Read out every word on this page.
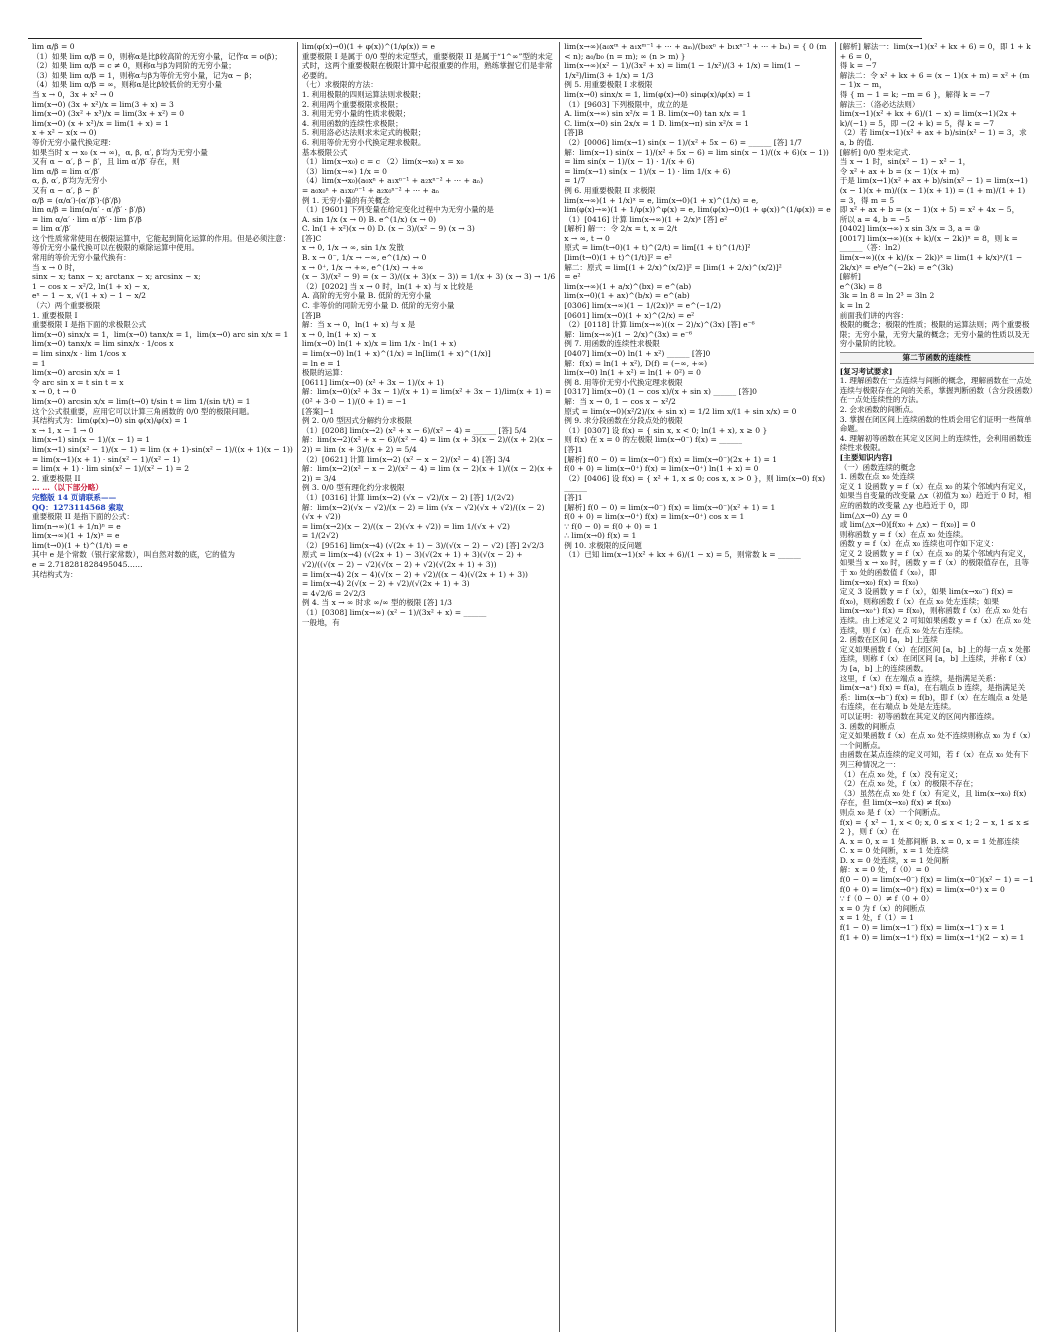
lim α/β = 0
（1）如果 lim α/β = 0，则称α是比β较高阶的无穷小量，记作α = o(β)；
（2）如果 lim α/β = c ≠ 0，则称α与β为同阶的无穷小量；
（3）如果 lim α/β = 1，则称α与β为等价无穷小量，记为α ~ β；
（4）如果 lim α/β = ∞，则称α是比β较低价的无穷小量
当 x → 0，3x + x² → 0
lim(x→0) (3x + x²)/x = lim(3 + x) = 3
lim(x→0) (3x² + x³)/x = lim(3x + x²) = 0
lim(x→0) (x + x²)/x = lim(1 + x) = 1
x + x² ~ x(x → 0)
等价无穷小量代换定理：
如果当时 x → x₀ (x → ∞)，α, β, α′, β′均为无穷小量
又有 α ~ α′, β ~ β′，且 lim α′/β′ 存在，则
lim α/β = lim α′/β′
α, β, α′, β′均为无穷小
又有 α ~ α′, β ~ β′
α/β = (α/α′)·(α′/β′)·(β′/β)
lim α/β = lim(α/α′ · α′/β′ · β′/β)
= lim α/α′ · lim α′/β′ · lim β′/β
= lim α′/β′
这个性质常常使用在极限运算中，它能起到简化运算的作用。但是必须注意：等价无穷小量代换可以在极限的乘除运算中使用。
常用的等价无穷小量代换有：
当 x → 0 时，
sinx ~ x; tanx ~ x; arctanx ~ x; arcsinx ~ x;
1 − cos x ~ x²/2, ln(1 + x) ~ x,
eˣ − 1 ~ x, √(1 + x) − 1 ~ x/2
（六）两个重要极限
1. 重要极限 I
重要极限 I 是指下面的求极限公式
lim(x→0) sinx/x = 1，lim(x→0) tanx/x = 1，lim(x→0) arc sin x/x = 1
lim(x→0) tanx/x = lim sinx/x · 1/cos x
= lim sinx/x · lim 1/cos x
= 1
lim(x→0) arcsin x/x = 1
令 arc sin x = t sin t = x
x → 0, t → 0
lim(x→0) arcsin x/x = lim(t→0) t/sin t = lim 1/(sin t/t) = 1
这个公式很重要，应用它可以计算三角函数的 0/0 型的极限问题。
其结构式为：lim(φ(x)→0) sin φ(x)/φ(x) = 1
x → 1, x − 1 → 0
lim(x→1) sin(x − 1)/(x − 1) = 1
lim(x→1) sin(x² − 1)/(x − 1) = lim (x + 1)·sin(x² − 1)/((x + 1)(x − 1))
= lim(x→1)(x + 1) · sin(x² − 1)/(x² − 1)
= lim(x + 1) · lim sin(x² − 1)/(x² − 1) = 2
2. 重要极限 II
… …（以下部分略）
完整版 14 页请联系——
QQ：1273114568 索取
重要极限 II 是指下面的公式：
lim(n→∞)(1 + 1/n)ⁿ = e
lim(x→∞)(1 + 1/x)ˣ = e
lim(t→0)(1 + t)^(1/t) = e
其中 e 是个常数（银行家常数），叫自然对数的底，它的值为
e = 2.718281828495045……
其结构式为：
lim(φ(x)→0)(1 + φ(x))^(1/φ(x)) = e
重要极限 I 是属于 0/0 型的未定型式，重要极限 II 是属于“1^∞”型的未定式时，这两个重要极限在极限计算中起很重要的作用，熟练掌握它们是非常必要的。
（七）求极限的方法：
1. 利用极限的四则运算法则求极限；
2. 利用两个重要极限求极限；
3. 利用无穷小量的性质求极限；
4. 利用函数的连续性求极限；
5. 利用洛必达法则求未定式的极限；
6. 利用等价无穷小代换定理求极限。
基本极限公式
（1）lim(x→x₀) c = c （2）lim(x→x₀) x = x₀
（3）lim(x→∞) 1/x = 0
（4）lim(x→x₀)(a₀xⁿ + a₁xⁿ⁻¹ + a₂xⁿ⁻² + ··· + aₙ)
= a₀x₀ⁿ + a₁x₀ⁿ⁻¹ + a₂x₀ⁿ⁻² + ··· + aₙ
例 1. 无穷小量的有关概念
（1）[9601] 下列变量在给定变化过程中为无穷小量的是
A. sin 1/x (x → 0) B. e^(1/x) (x → 0)
C. ln(1 + x²)(x → 0) D. (x − 3)/(x² − 9) (x → 3)
[答]C
x → 0, 1/x → ∞, sin 1/x 发散
B. x → 0⁻, 1/x → −∞, e^(1/x) → 0
x → 0⁺, 1/x → +∞, e^(1/x) → +∞
(x − 3)/(x² − 9) = (x − 3)/((x + 3)(x − 3)) = 1/(x + 3) (x → 3) → 1/6
（2）[0202] 当 x → 0 时，ln(1 + x) 与 x 比较是
A. 高阶的无穷小量 B. 低阶的无穷小量
C. 非等价的同阶无穷小量 D. 低阶的无穷小量
[答]B
解：当 x → 0，ln(1 + x) 与 x 是
x → 0, ln(1 + x) ~ x
lim(x→0) ln(1 + x)/x = lim 1/x · ln(1 + x)
= lim(x→0) ln(1 + x)^(1/x) = ln[lim(1 + x)^(1/x)]
= ln e = 1
极限的运算：
[0611] lim(x→0) (x² + 3x − 1)/(x + 1)
解：lim(x→0)(x² + 3x − 1)/(x + 1) = lim(x² + 3x − 1)/lim(x + 1) = (0² + 3·0 − 1)/(0 + 1) = −1
[答案]−1
例 2. 0/0 型因式分解约分求极限
（1）[0208] lim(x→2) (x² + x − 6)/(x² − 4) = ______ [答] 5/4
解：lim(x→2)(x² + x − 6)/(x² − 4) = lim (x + 3)(x − 2)/((x + 2)(x − 2)) = lim (x + 3)/(x + 2) = 5/4
（2）[0621] 计算 lim(x→2) (x² − x − 2)/(x² − 4) [答] 3/4
解：lim(x→2)(x² − x − 2)/(x² − 4) = lim (x − 2)(x + 1)/((x − 2)(x + 2)) = 3/4
例 3. 0/0 型有理化约分求极限
（1）[0316] 计算 lim(x→2) (√x − √2)/(x − 2) [答] 1/(2√2)
解：lim(x→2)(√x − √2)/(x − 2) = lim (√x − √2)(√x + √2)/((x − 2)(√x + √2))
= lim(x→2)(x − 2)/((x − 2)(√x + √2)) = lim 1/(√x + √2)
= 1/(2√2)
（2）[9516] lim(x→4) (√(2x + 1) − 3)/(√(x − 2) − √2) [答] 2√2/3
原式 = lim(x→4) (√(2x + 1) − 3)(√(2x + 1) + 3)(√(x − 2) + √2)/((√(x − 2) − √2)(√(x − 2) + √2)(√(2x + 1) + 3))
= lim(x→4) 2(x − 4)(√(x − 2) + √2)/((x − 4)(√(2x + 1) + 3))
= lim(x→4) 2(√(x − 2) + √2)/(√(2x + 1) + 3)
= 4√2/6 = 2√2/3
例 4. 当 x → ∞ 时求 ∞/∞ 型的极限 [答] 1/3
（1）[0308] lim(x→∞) (x² − 1)/(3x² + x) = ______
一般地，有
lim(x→∞)(a₀xᵐ + a₁xᵐ⁻¹ + ··· + aₘ)/(b₀xⁿ + b₁xⁿ⁻¹ + ··· + bₙ) = { 0 (m < n); a₀/b₀ (n = m); ∞ (n > m) }
lim(x→∞)(x² − 1)/(3x² + x) = lim(1 − 1/x²)/(3 + 1/x) = lim(1 − 1/x²)/lim(3 + 1/x) = 1/3
例 5. 用重要极限 I 求极限
lim(x→0) sinx/x = 1, lim(φ(x)→0) sinφ(x)/φ(x) = 1
（1）[9603] 下列极限中，成立的是
A. lim(x→∞) sin x²/x = 1 B. lim(x→0) tan x/x = 1
C. lim(x→0) sin 2x/x = 1 D. lim(x→π) sin x²/x = 1
[答]B
（2）[0006] lim(x→1) sin(x − 1)/(x² + 5x − 6) = ______ [答] 1/7
解：lim(x→1) sin(x − 1)/(x² + 5x − 6) = lim sin(x − 1)/((x + 6)(x − 1)) = lim sin(x − 1)/(x − 1) · 1/(x + 6)
= lim(x→1) sin(x − 1)/(x − 1) · lim 1/(x + 6)
= 1/7
例 6. 用重要极限 II 求极限
lim(x→∞)(1 + 1/x)ˣ = e, lim(x→0)(1 + x)^(1/x) = e,
lim(φ(x)→∞)(1 + 1/φ(x))^φ(x) = e, lim(φ(x)→0)(1 + φ(x))^(1/φ(x)) = e
（1）[0416] 计算 lim(x→∞)(1 + 2/x)ˣ [答] e²
[解析] 解一：令 2/x = t, x = 2/t
x → ∞, t → 0
原式 = lim(t→0)(1 + t)^(2/t) = lim[(1 + t)^(1/t)]²
[lim(t→0)(1 + t)^(1/t)]² = e²
解二：原式 = lim[(1 + 2/x)^(x/2)]² = [lim(1 + 2/x)^(x/2)]²
= e²
lim(x→∞)(1 + a/x)^(bx) = e^(ab)
lim(x→0)(1 + ax)^(b/x) = e^(ab)
[0306] lim(x→∞)(1 − 1/(2x))ˣ = e^(−1/2)
[0601] lim(x→0)(1 + x)^(2/x) = e²
（2）[0118] 计算 lim(x→∞)((x − 2)/x)^(3x) [答] e⁻⁶
解：lim(x→∞)(1 − 2/x)^(3x) = e⁻⁶
例 7. 用函数的连续性求极限
[0407] lim(x→0) ln(1 + x²) ______ [答]0
解：f(x) = ln(1 + x²), D(f) = (−∞, +∞)
lim(x→0) ln(1 + x²) = ln(1 + 0²) = 0
例 8. 用等价无穷小代换定理求极限
[0317] lim(x→0) (1 − cos x)/(x + sin x) ______ [答]0
解：当 x → 0, 1 − cos x ~ x²/2
原式 = lim(x→0)(x²/2)/(x + sin x) = 1/2 lim x/(1 + sin x/x) = 0
例 9. 求分段函数在分段点处的极限
（1）[0307] 设 f(x) = { sin x, x < 0; ln(1 + x), x ≥ 0 }
则 f(x) 在 x = 0 的左极限 lim(x→0⁻) f(x) = ______
[答]1
[解析] f(0 − 0) = lim(x→0⁻) f(x) = lim(x→0⁻)(2x + 1) = 1
f(0 + 0) = lim(x→0⁺) f(x) = lim(x→0⁺) ln(1 + x) = 0
（2）[0406] 设 f(x) = { x² + 1, x ≤ 0; cos x, x > 0 }，则 lim(x→0) f(x) ______
[答]1
[解析] f(0 − 0) = lim(x→0⁻) f(x) = lim(x→0⁻)(x² + 1) = 1
f(0 + 0) = lim(x→0⁺) f(x) = lim(x→0⁺) cos x = 1
∵ f(0 − 0) = f(0 + 0) = 1
∴ lim(x→0) f(x) = 1
例 10. 求极限的反问题
（1）已知 lim(x→1)(x² + kx + 6)/(1 − x) = 5，则常数 k = ______
[解析] 解法一：lim(x→1)(x² + kx + 6) = 0，即 1 + k + 6 = 0，
得 k = −7
解法二：令 x² + kx + 6 = (x − 1)(x + m) = x² + (m − 1)x − m，
得 { m − 1 = k; −m = 6 }，解得 k = −7
解法三：（洛必达法则）
lim(x→1)(x² + kx + 6)/(1 − x) = lim(x→1)(2x + k)/(−1) = 5，即 −(2 + k) = 5，得 k = −7
（2）若 lim(x→1)(x² + ax + b)/sin(x² − 1) = 3，求 a, b 的值.
[解析] 0/0 型未定式.
当 x → 1 时，sin(x² − 1) ~ x² − 1，
令 x² + ax + b = (x − 1)(x + m)
于是 lim(x→1)(x² + ax + b)/sin(x² − 1) = lim(x→1)(x − 1)(x + m)/((x − 1)(x + 1)) = (1 + m)/(1 + 1) = 3，得 m = 5
即 x² + ax + b = (x − 1)(x + 5) = x² + 4x − 5，
所以 a = 4, b = −5
[0402] lim(x→∞) x sin 3/x = 3, a = ③
[0017] lim(x→∞)((x + k)/(x − 2k))ˣ = 8，则 k = ______（答：ln2）
lim(x→∞)((x + k)/(x − 2k))ˣ = lim(1 + k/x)ˣ/(1 − 2k/x)ˣ = eᵏ/e^(−2k) = e^(3k)
[解析]
e^(3k) = 8
3k = ln 8 = ln 2³ = 3ln 2
k = ln 2
前面我们讲的内容：
极限的概念；极限的性质；极限的运算法则；两个重要极限；无穷小量，无穷大量的概念；无穷小量的性质以及无穷小量阶的比较。
第二节函数的连续性
[复习考试要求]
1. 理解函数在一点连续与间断的概念，理解函数在一点处连续与极限存在之间的关系，掌握判断函数（含分段函数）在一点处连续性的方法。
2. 会求函数的间断点。
3. 掌握在闭区间上连续函数的性质会用它们证明一些简单命题。
4. 理解初等函数在其定义区间上的连续性，会利用函数连续性求极限。
[主要知识内容]
（一）函数连续的概念
1. 函数在点 x₀ 处连续
定义 1 设函数 y = f（x）在点 x₀ 的某个邻域内有定义，如果当自变量的改变量 △x（初值为 x₀）趋近于 0 时，相应的函数的改变量 △y 也趋近于 0，即
lim(△x→0) △y = 0
或 lim(△x→0)[f(x₀ + △x) − f(x₀)] = 0
则称函数 y = f（x）在点 x₀ 处连续。
函数 y = f（x）在点 x₀ 连续也可作如下定义：
定义 2 设函数 y = f（x）在点 x₀ 的某个邻域内有定义，如果当 x → x₀ 时，函数 y = f（x）的极限值存在，且等于 x₀ 处的函数值 f（x₀），即
lim(x→x₀) f(x) = f(x₀)
定义 3 设函数 y = f（x），如果 lim(x→x₀⁻) f(x) = f(x₀)，则称函数 f（x）在点 x₀ 处左连续；如果 lim(x→x₀⁺) f(x) = f(x₀)，则称函数 f（x）在点 x₀ 处右连续。由上述定义 2 可知如果函数 y = f（x）在点 x₀ 处连续，则 f（x）在点 x₀ 处左右连续。
2. 函数在区间 [a，b] 上连续
定义如果函数 f（x）在闭区间 [a，b] 上的每一点 x 处都连续，则称 f（x）在闭区间 [a，b] 上连续，并称 f（x）为 [a，b] 上的连续函数。
这里，f（x）在左端点 a 连续，是指满足关系：lim(x→a⁺) f(x) = f(a)，在右端点 b 连续，是指满足关系：lim(x→b⁻) f(x) = f(b)，即 f（x）在左端点 a 处是右连续，在右端点 b 处是左连续。
可以证明：初等函数在其定义的区间内都连续。
3. 函数的间断点
定义如果函数 f（x）在点 x₀ 处不连续则称点 x₀ 为 f（x）一个间断点。
由函数在某点连续的定义可知，若 f（x）在点 x₀ 处有下列三种情况之一：
（1）在点 x₀ 处，f（x）没有定义；
（2）在点 x₀ 处，f（x）的极限不存在；
（3）虽然在点 x₀ 处 f（x）有定义，且 lim(x→x₀) f(x) 存在，但 lim(x→x₀) f(x) ≠ f(x₀)
则点 x₀ 是 f（x）一个间断点。
f(x) = { x² − 1, x < 0; x, 0 ≤ x < 1; 2 − x, 1 ≤ x ≤ 2 }，则 f（x）在
A. x = 0, x = 1 处都间断 B. x = 0, x = 1 处都连续
C. x = 0 处间断，x = 1 处连续
D. x = 0 处连续，x = 1 处间断
解：x = 0 处，f（0）= 0
f(0 − 0) = lim(x→0⁻) f(x) = lim(x→0⁻)(x² − 1) = −1
f(0 + 0) = lim(x→0⁺) f(x) = lim(x→0⁺) x = 0
∵ f（0 − 0）≠ f（0 + 0）
x = 0 为 f（x）的间断点
x = 1 处，f（1）= 1
f(1 − 0) = lim(x→1⁻) f(x) = lim(x→1⁻) x = 1
f(1 + 0) = lim(x→1⁺) f(x) = lim(x→1⁺)(2 − x) = 1
